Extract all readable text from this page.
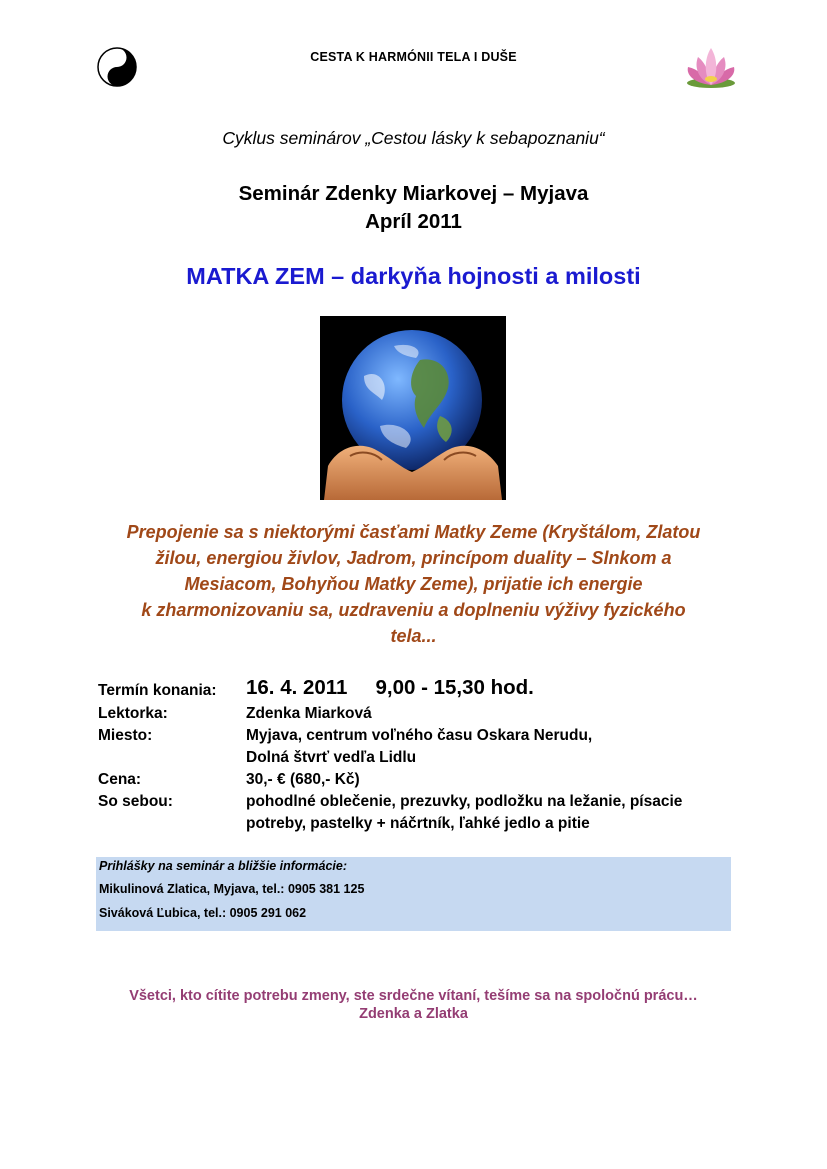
CESTA K HARMÓNII TELA I DUŠE
Cyklus seminárov „Cestou lásky k sebapoznaniu“
Seminár Zdenky Miarkovej – Myjava
Apríl 2011
MATKA ZEM – darkyňa hojnosti a milosti
Prepojenie sa s niektorými časťami Matky Zeme (Kryštálom, Zlatou
žilou, energiou živlov, Jadrom, princípom duality – Slnkom a
Mesiacom, Bohyňou Matky Zeme), prijatie ich energie
k zharmonizovaniu sa, uzdraveniu a doplneniu výživy fyzického
tela...
Termín konania:	16. 4. 2011 9,00 - 15,30 hod.
Lektorka:	Zdenka Miarková
Miesto:	Myjava, centrum voľného času Oskara Nerudu,
Dolná štvrť vedľa Lidlu
Cena:	30,- € (680,- Kč)
So sebou:	pohodlné oblečenie, prezuvky, podložku na ležanie, písacie
potreby, pastelky + náčrtník, ľahké jedlo a pitie
Prihlášky na seminár a bližšie informácie:
Mikulinová Zlatica, Myjava, tel.: 0905 381 125
Siváková Ľubica, tel.: 0905 291 062
Všetci, kto cítite potrebu zmeny, ste srdečne vítaní, tešíme sa na spoločnú prácu…
Zdenka a Zlatka
